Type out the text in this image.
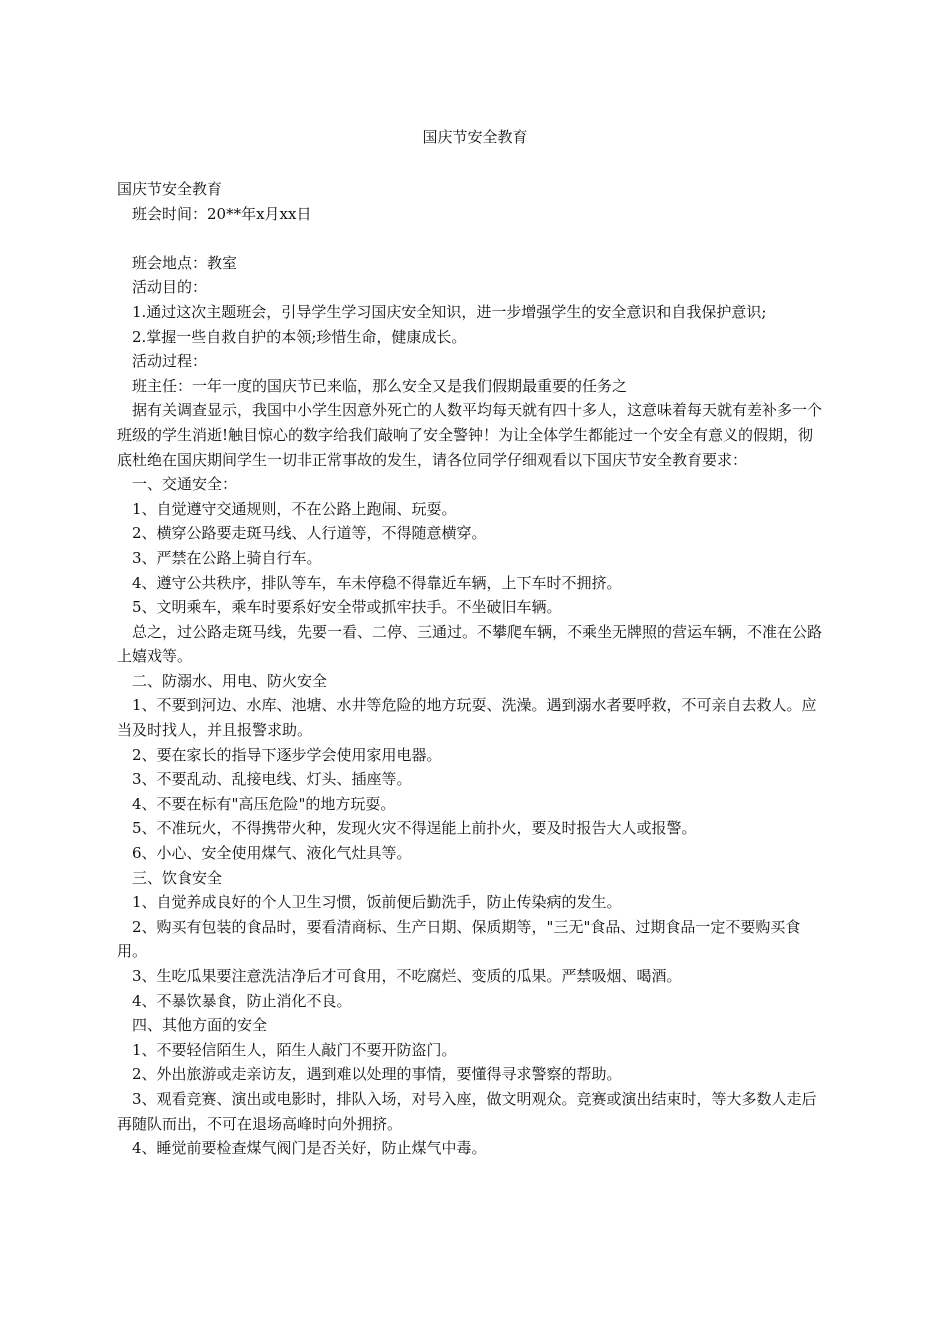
国庆节安全教育

国庆节安全教育

班会时间：20**年x月xx日

班会地点：教室

活动目的：

1.通过这次主题班会，引导学生学习国庆安全知识，进一步增强学生的安全意识和自我保护意识;

2.掌握一些自救自护的本领;珍惜生命，健康成长。

活动过程：

班主任：一年一度的国庆节已来临，那么安全又是我们假期最重要的任务之

据有关调查显示，我国中小学生因意外死亡的人数平均每天就有四十多人，这意味着每天就有差补多一个班级的学生消逝!触目惊心的数字给我们敲响了安全警钟！为让全体学生都能过一个安全有意义的假期，彻底杜绝在国庆期间学生一切非正常事故的发生，请各位同学仔细观看以下国庆节安全教育要求：

一、交通安全：

1、自觉遵守交通规则，不在公路上跑闹、玩耍。

2、横穿公路要走斑马线、人行道等，不得随意横穿。

3、严禁在公路上骑自行车。

4、遵守公共秩序，排队等车，车未停稳不得靠近车辆，上下车时不拥挤。

5、文明乘车，乘车时要系好安全带或抓牢扶手。不坐破旧车辆。

总之，过公路走斑马线，先要一看、二停、三通过。不攀爬车辆，不乘坐无牌照的营运车辆，不准在公路上嬉戏等。

二、防溺水、用电、防火安全

1、不要到河边、水库、池塘、水井等危险的地方玩耍、洗澡。遇到溺水者要呼救，不可亲自去救人。应当及时找人，并且报警求助。

2、要在家长的指导下逐步学会使用家用电器。

3、不要乱动、乱接电线、灯头、插座等。

4、不要在标有"高压危险"的地方玩耍。

5、不准玩火，不得携带火种，发现火灾不得逞能上前扑火，要及时报告大人或报警。

6、小心、安全使用煤气、液化气灶具等。

三、饮食安全

1、自觉养成良好的个人卫生习惯，饭前便后勤洗手，防止传染病的发生。

2、购买有包装的食品时，要看清商标、生产日期、保质期等，"三无"食品、过期食品一定不要购买食用。

3、生吃瓜果要注意洗洁净后才可食用，不吃腐烂、变质的瓜果。严禁吸烟、喝酒。

4、不暴饮暴食，防止消化不良。

四、其他方面的安全

1、不要轻信陌生人，陌生人敲门不要开防盗门。

2、外出旅游或走亲访友，遇到难以处理的事情，要懂得寻求警察的帮助。

3、观看竞赛、演出或电影时，排队入场，对号入座，做文明观众。竞赛或演出结束时，等大多数人走后再随队而出，不可在退场高峰时向外拥挤。

4、睡觉前要检查煤气阀门是否关好，防止煤气中毒。
